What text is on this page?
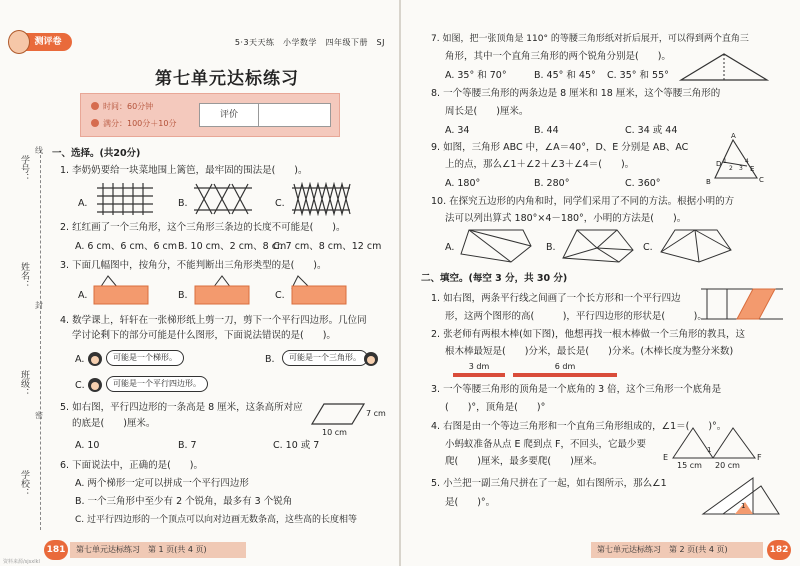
测评卷	5·3天天练　小学数学　四年级下册　SJ
第七单元达标练习
时间：60分钟
满分：100分＋10分
评价
学号：
姓名：
班级：
学校：
线
封
密
一、选择。(共20分)
1. 李奶奶要给一块菜地围上篱笆，最牢固的围法是(　　)。
A.	B.	C.
2. 红红画了一个三角形，这个三角形三条边的长度不可能是(　　)。
A. 6 cm、6 cm、6 cm B. 10 cm、2 cm、8 cm
C. 7 cm、8 cm、12 cm
3. 下面几幅图中，按角分，不能判断出三角形类型的是(　　)。
A.	B.	C.
4. 数学课上，轩轩在一张梯形纸上剪一刀，剪下一个平行四边形。几位同
学讨论剩下的部分可能是什么图形，下面说法错误的是(　　)。
A.	可能是一个梯形。	B.	可能是一个三角形。
C.	可能是一个平行四边形。
5. 如右图，平行四边形的一条高是 8 厘米，这条高所对应
的底是(　　)厘米。
7 cm
10 cm
A. 10	B. 7	C. 10 或 7
6. 下面说法中，正确的是(　　)。
A. 两个梯形一定可以拼成一个平行四边形
B. 一个三角形中至少有 2 个锐角，最多有 3 个锐角
C. 过平行四边形的一个顶点可以向对边画无数条高，这些高的长度相等
181	第七单元达标练习　第 1 页(共 4 页)
资料来源/sjsxlkl
7. 如图，把一张顶角是 110° 的等腰三角形纸对折后展开，可以得到两个直角三
角形，其中一个直角三角形的两个锐角分别是(　　)。
A. 35° 和 70°	B. 45° 和 45° C. 35° 和 55°
8. 一个等腰三角形的两条边是 8 厘米和 18 厘米，这个等腰三角形的
周长是(　　)厘米。
A. 34	B. 44	C. 34 或 44
9. 如图，三角形 ABC 中，∠A＝40°，D、E 分别是 AB、AC
上的点，那么∠1＋∠2＋∠3＋∠4＝(　　)。
A. 180°	B. 280°	C. 360°
A
D
E
B	C
1
2 3
4
10. 在探究五边形的内角和时，同学们采用了不同的方法。根据小明的方
法可以列出算式 180°×4－180°，小明的方法是(　　)。
A.	B.	C.
二、填空。(每空 3 分，共 30 分)
1. 如右图，两条平行线之间画了一个长方形和一个平行四边
形，这两个图形的高(　　　)，平行四边形的形状是(　　　)。
2. 张老师有两根木棒(如下图)，他想再找一根木棒做一个三角形的教具，这
根木棒最短是(　　)分米，最长是(　　)分米。(木棒长度为整分米数)
3 dm	6 dm
3. 一个等腰三角形的顶角是一个底角的 3 倍，这个三角形一个底角是
(　　)°，顶角是(　　)°
4. 右图是由一个等边三角形和一个直角三角形组成的，∠1＝(　　)°。
小蚂蚁准备从点 E 爬到点 F，不回头，它最少要
爬(　　)厘米，最多要爬(　　)厘米。	E	F
1
15 cm 20 cm
5. 小兰把一副三角尺拼在了一起，如右图所示，那么∠1
是(　　)°。	1
第七单元达标练习　第 2 页(共 4 页)	182
